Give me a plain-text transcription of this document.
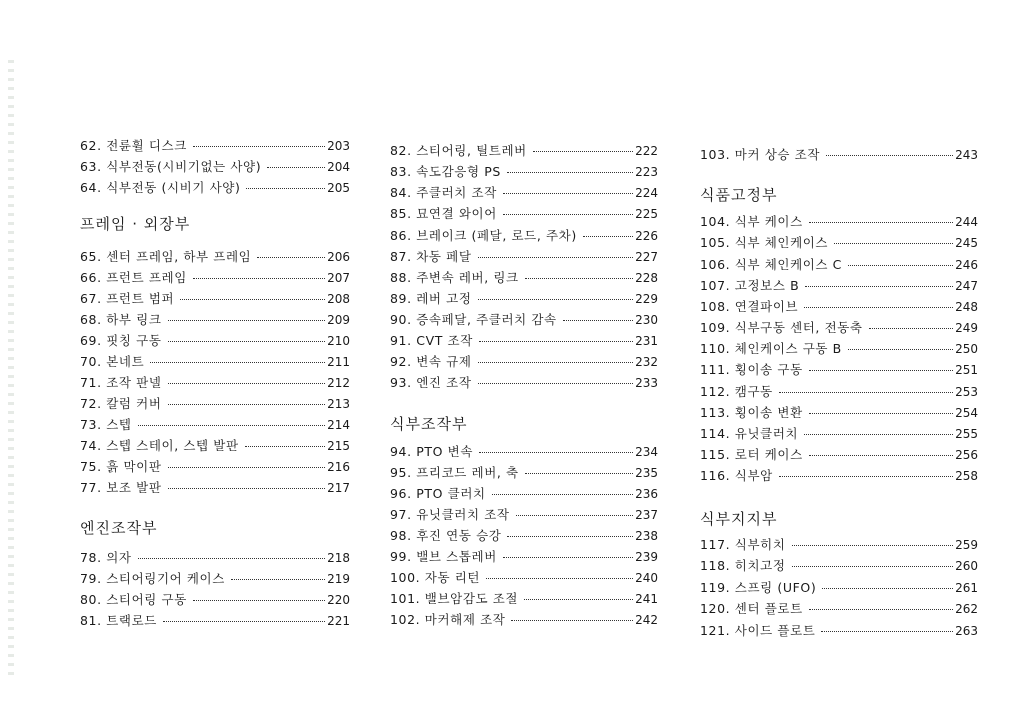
62. 전륜휠 디스크	203
63. 식부전동(시비기없는 사양)	204
64. 식부전동 (시비기 사양)	205
프레임 · 외장부
65. 센터 프레임, 하부 프레임	206
66. 프런트 프레임	207
67. 프런트 범퍼	208
68. 하부 링크	209
69. 핏칭 구동	210
70. 본네트	211
71. 조작 판넬	212
72. 칼럼 커버	213
73. 스텝	214
74. 스텝 스테이, 스텝 발판	215
75. 흙 막이판	216
77. 보조 발판	217
엔진조작부
78. 의자	218
79. 스티어링기어 케이스	219
80. 스티어링 구동	220
81. 트랙로드	221
82. 스티어링, 틸트레버	222
83. 속도감응형 PS	223
84. 주클러치 조작	224
85. 묘연결 와이어	225
86. 브레이크 (페달, 로드, 주차)	226
87. 차동 페달	227
88. 주변속 레버, 링크	228
89. 레버 고정	229
90. 증속페달, 주클러치 감속	230
91. CVT 조작	231
92. 변속 규제	232
93. 엔진 조작	233
식부조작부
94. PTO 변속	234
95. 프리코드 레버, 축	235
96. PTO 클러치	236
97. 유닛클러치 조작	237
98. 후진 연동 승강	238
99. 밸브 스톱레버	239
100. 자동 리턴	240
101. 밸브암감도 조절	241
102. 마커해제 조작	242
103. 마커 상승 조작	243
식품고정부
104. 식부 케이스	244
105. 식부 체인케이스	245
106. 식부 체인케이스 C	246
107. 고정보스 B	247
108. 연결파이브	248
109. 식부구동 센터, 전동축	249
110. 체인케이스 구동 B	250
111. 횡이송 구동	251
112. 캠구동	253
113. 횡이송 변환	254
114. 유닛클러치	255
115. 로터 케이스	256
116. 식부암	258
식부지지부
117. 식부히치	259
118. 히치고정	260
119. 스프링 (UFO)	261
120. 센터 플로트	262
121. 사이드 플로트	263
